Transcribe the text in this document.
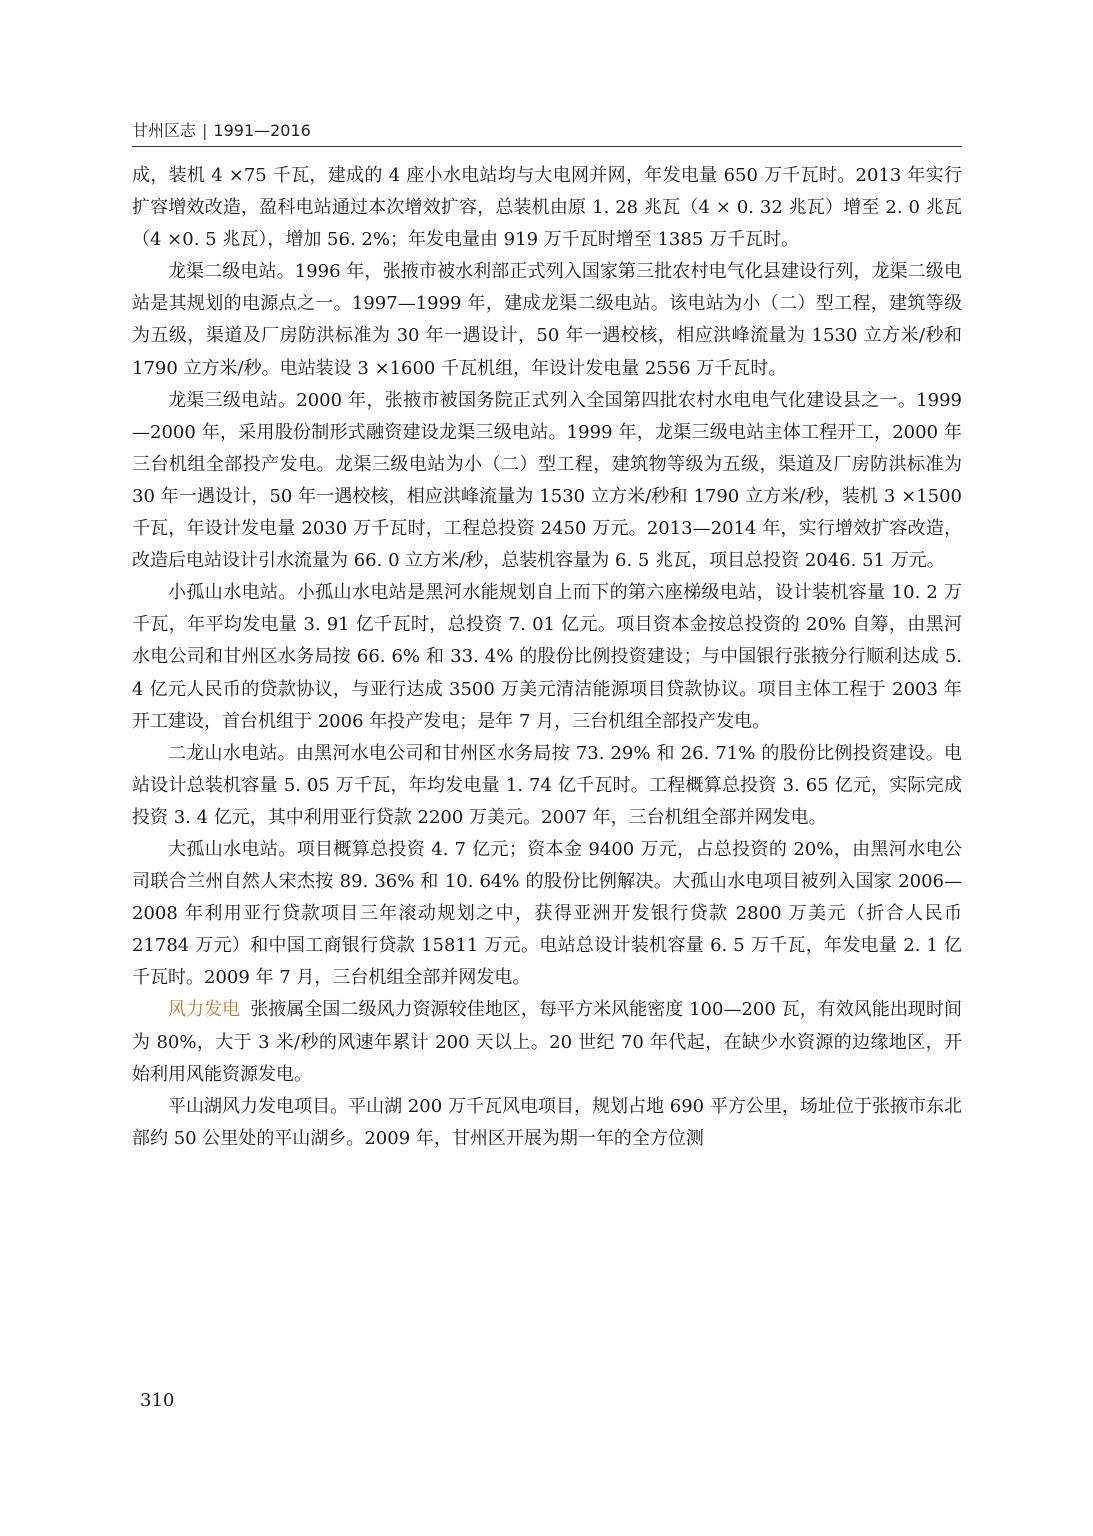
甘州区志 | 1991—2016

成，装机 4 ×75 千瓦，建成的 4 座小水电站均与大电网并网，年发电量 650 万千瓦时。2013 年实行扩容增效改造，盈科电站通过本次增效扩容，总装机由原 1. 28 兆瓦（4 × 0. 32 兆瓦）增至 2. 0 兆瓦（4 ×0. 5 兆瓦），增加 56. 2%；年发电量由 919 万千瓦时增至 1385 万千瓦时。

龙渠二级电站。1996 年，张掖市被水利部正式列入国家第三批农村电气化县建设行列，龙渠二级电站是其规划的电源点之一。1997—1999 年，建成龙渠二级电站。该电站为小（二）型工程，建筑等级为五级，渠道及厂房防洪标准为 30 年一遇设计，50 年一遇校核，相应洪峰流量为 1530 立方米/秒和 1790 立方米/秒。电站装设 3 ×1600 千瓦机组，年设计发电量 2556 万千瓦时。

龙渠三级电站。2000 年，张掖市被国务院正式列入全国第四批农村水电电气化建设县之一。1999—2000 年，采用股份制形式融资建设龙渠三级电站。1999 年，龙渠三级电站主体工程开工，2000 年三台机组全部投产发电。龙渠三级电站为小（二）型工程，建筑物等级为五级，渠道及厂房防洪标准为 30 年一遇设计，50 年一遇校核，相应洪峰流量为 1530 立方米/秒和 1790 立方米/秒，装机 3 ×1500 千瓦，年设计发电量 2030 万千瓦时，工程总投资 2450 万元。2013—2014 年，实行增效扩容改造，改造后电站设计引水流量为 66. 0 立方米/秒，总装机容量为 6. 5 兆瓦，项目总投资 2046. 51 万元。

小孤山水电站。小孤山水电站是黑河水能规划自上而下的第六座梯级电站，设计装机容量 10. 2 万千瓦，年平均发电量 3. 91 亿千瓦时，总投资 7. 01 亿元。项目资本金按总投资的 20% 自筹，由黑河水电公司和甘州区水务局按 66. 6% 和 33. 4% 的股份比例投资建设；与中国银行张掖分行顺利达成 5. 4 亿元人民币的贷款协议，与亚行达成 3500 万美元清洁能源项目贷款协议。项目主体工程于 2003 年开工建设，首台机组于 2006 年投产发电；是年 7 月，三台机组全部投产发电。

二龙山水电站。由黑河水电公司和甘州区水务局按 73. 29% 和 26. 71% 的股份比例投资建设。电站设计总装机容量 5. 05 万千瓦，年均发电量 1. 74 亿千瓦时。工程概算总投资 3. 65 亿元，实际完成投资 3. 4 亿元，其中利用亚行贷款 2200 万美元。2007 年，三台机组全部并网发电。

大孤山水电站。项目概算总投资 4. 7 亿元；资本金 9400 万元，占总投资的 20%，由黑河水电公司联合兰州自然人宋杰按 89. 36% 和 10. 64% 的股份比例解决。大孤山水电项目被列入国家 2006—2008 年利用亚行贷款项目三年滚动规划之中，获得亚洲开发银行贷款 2800 万美元（折合人民币 21784 万元）和中国工商银行贷款 15811 万元。电站总设计装机容量 6. 5 万千瓦，年发电量 2. 1 亿千瓦时。2009 年 7 月，三台机组全部并网发电。

风力发电 张掖属全国二级风力资源较佳地区，每平方米风能密度 100—200 瓦，有效风能出现时间为 80%，大于 3 米/秒的风速年累计 200 天以上。20 世纪 70 年代起，在缺少水资源的边缘地区，开始利用风能资源发电。

平山湖风力发电项目。平山湖 200 万千瓦风电项目，规划占地 690 平方公里，场址位于张掖市东北部约 50 公里处的平山湖乡。2009 年，甘州区开展为期一年的全方位测

310
